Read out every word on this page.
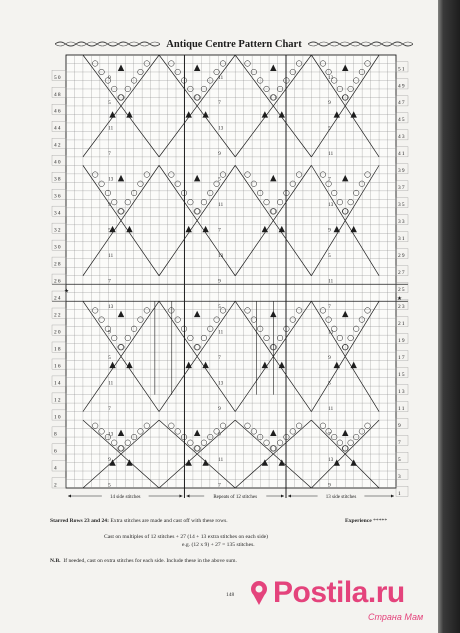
Antique Centre Pattern Chart
9	11	13
5	7	9
11	13	5
7	9	11
13	5	7
9	11	13
5	7	9
11	13	5
7	9	11
13	5	7
9	11	13
5	7	9
11	13	5
7	9	11
13	5	7
9	11	13
5	7	9
50
48
46
44
42
40
38
36
34
32
30
28
26
24
22
20
18
16
14
12
10
8
6
4
2
51
49
47
45
43
41
39
37
35
33
31
29
27
25
23
21
19
17
15
13
11
9
7
5
3
1
★
★
14 side stitches	Repeats of 12 stitches	13 side stitches
Starred Rows 23 and 24: Extra stitches are made and cast off with these rows.	Experience *****
Cast on multiples of 12 stitches + 27 (14 + 13 extra stitches on each side)
e.g. (12 x 9) + 27 = 135 stitches.
N.B. If needed, cast on extra stitches for each side. Include these in the above sum.
148 Postila.ru
Страна Мам
